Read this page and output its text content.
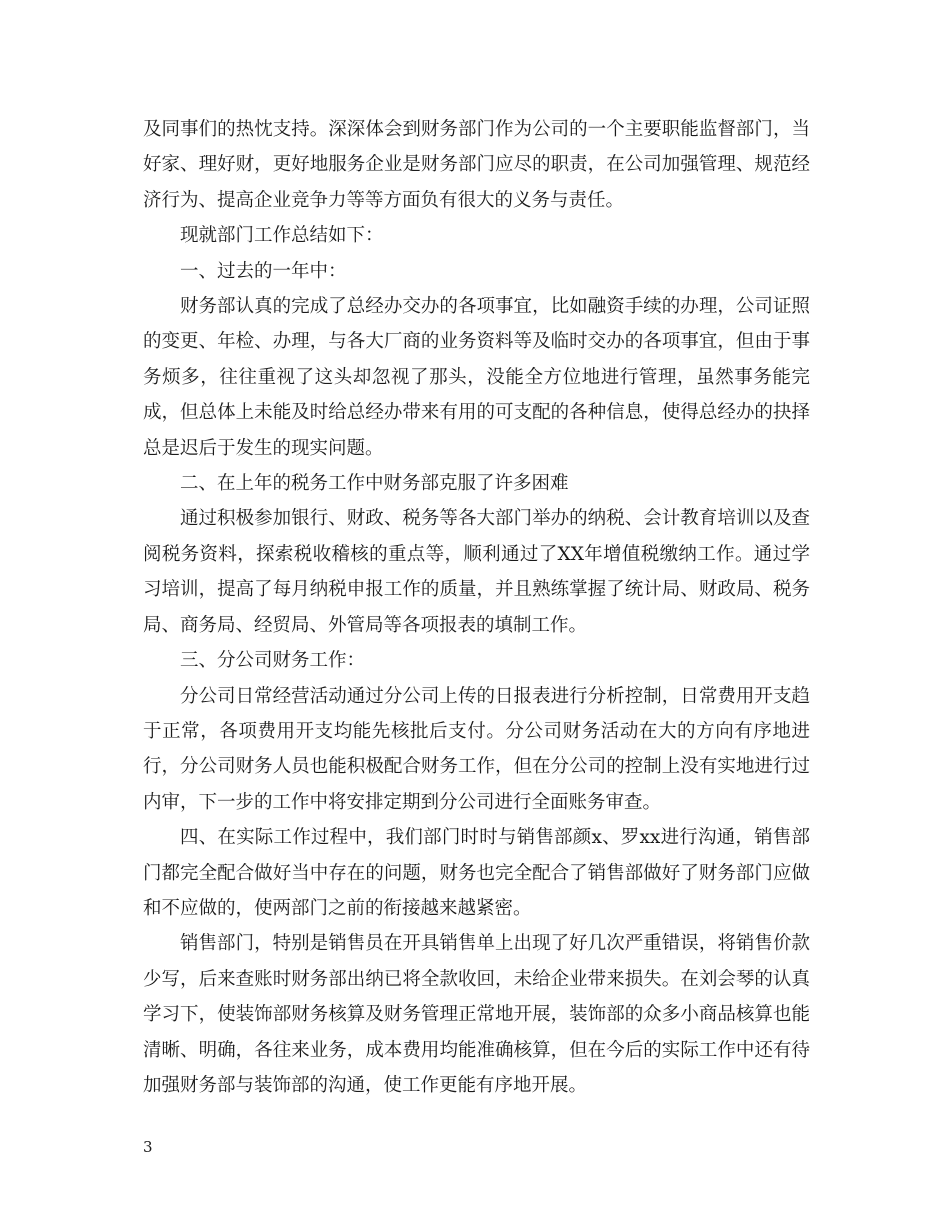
及同事们的热忱支持。深深体会到财务部门作为公司的一个主要职能监督部门，当好家、理好财，更好地服务企业是财务部门应尽的职责，在公司加强管理、规范经济行为、提高企业竞争力等等方面负有很大的义务与责任。

现就部门工作总结如下：

一、过去的一年中：

财务部认真的完成了总经办交办的各项事宜，比如融资手续的办理，公司证照的变更、年检、办理，与各大厂商的业务资料等及临时交办的各项事宜，但由于事务烦多，往往重视了这头却忽视了那头，没能全方位地进行管理，虽然事务能完成，但总体上未能及时给总经办带来有用的可支配的各种信息，使得总经办的抉择总是迟后于发生的现实问题。

二、在上年的税务工作中财务部克服了许多困难

通过积极参加银行、财政、税务等各大部门举办的纳税、会计教育培训以及查阅税务资料，探索税收稽核的重点等，顺利通过了XX年增值税缴纳工作。通过学习培训，提高了每月纳税申报工作的质量，并且熟练掌握了统计局、财政局、税务局、商务局、经贸局、外管局等各项报表的填制工作。

三、分公司财务工作：

分公司日常经营活动通过分公司上传的日报表进行分析控制，日常费用开支趋于正常，各项费用开支均能先核批后支付。分公司财务活动在大的方向有序地进行，分公司财务人员也能积极配合财务工作，但在分公司的控制上没有实地进行过内审，下一步的工作中将安排定期到分公司进行全面账务审查。

四、在实际工作过程中，我们部门时时与销售部颜x、罗xx进行沟通，销售部门都完全配合做好当中存在的问题，财务也完全配合了销售部做好了财务部门应做和不应做的，使两部门之前的衔接越来越紧密。

销售部门，特别是销售员在开具销售单上出现了好几次严重错误，将销售价款少写，后来查账时财务部出纳已将全款收回，未给企业带来损失。在刘会琴的认真学习下，使装饰部财务核算及财务管理正常地开展，装饰部的众多小商品核算也能清晰、明确，各往来业务，成本费用均能准确核算，但在今后的实际工作中还有待加强财务部与装饰部的沟通，使工作更能有序地开展。

3
